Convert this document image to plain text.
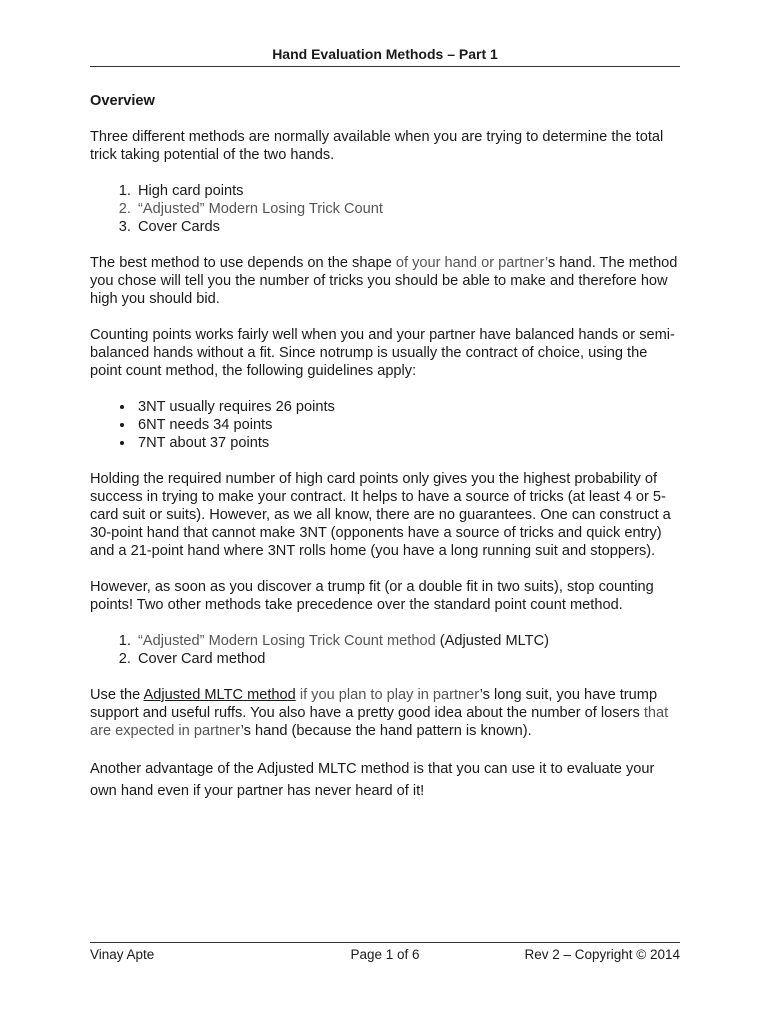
Hand Evaluation Methods – Part 1
Overview

Three different methods are normally available when you are trying to determine the total trick taking potential of the two hands.

1. High card points
2. “Adjusted” Modern Losing Trick Count
3. Cover Cards

The best method to use depends on the shape of your hand or partner’s hand. The method you chose will tell you the number of tricks you should be able to make and therefore how high you should bid.

Counting points works fairly well when you and your partner have balanced hands or semi-balanced hands without a fit. Since notrump is usually the contract of choice, using the point count method, the following guidelines apply:

• 3NT usually requires 26 points
• 6NT needs 34 points
• 7NT about 37 points

Holding the required number of high card points only gives you the highest probability of success in trying to make your contract. It helps to have a source of tricks (at least 4 or 5-card suit or suits). However, as we all know, there are no guarantees. One can construct a 30-point hand that cannot make 3NT (opponents have a source of tricks and quick entry) and a 21-point hand where 3NT rolls home (you have a long running suit and stoppers).

However, as soon as you discover a trump fit (or a double fit in two suits), stop counting points! Two other methods take precedence over the standard point count method.

1. “Adjusted” Modern Losing Trick Count method (Adjusted MLTC)
2. Cover Card method

Use the Adjusted MLTC method if you plan to play in partner’s long suit, you have trump support and useful ruffs. You also have a pretty good idea about the number of losers that are expected in partner’s hand (because the hand pattern is known).

Another advantage of the Adjusted MLTC method is that you can use it to evaluate your own hand even if your partner has never heard of it!

Page 1 of 6
Vinay Apte	Rev 2 – Copyright © 2014
